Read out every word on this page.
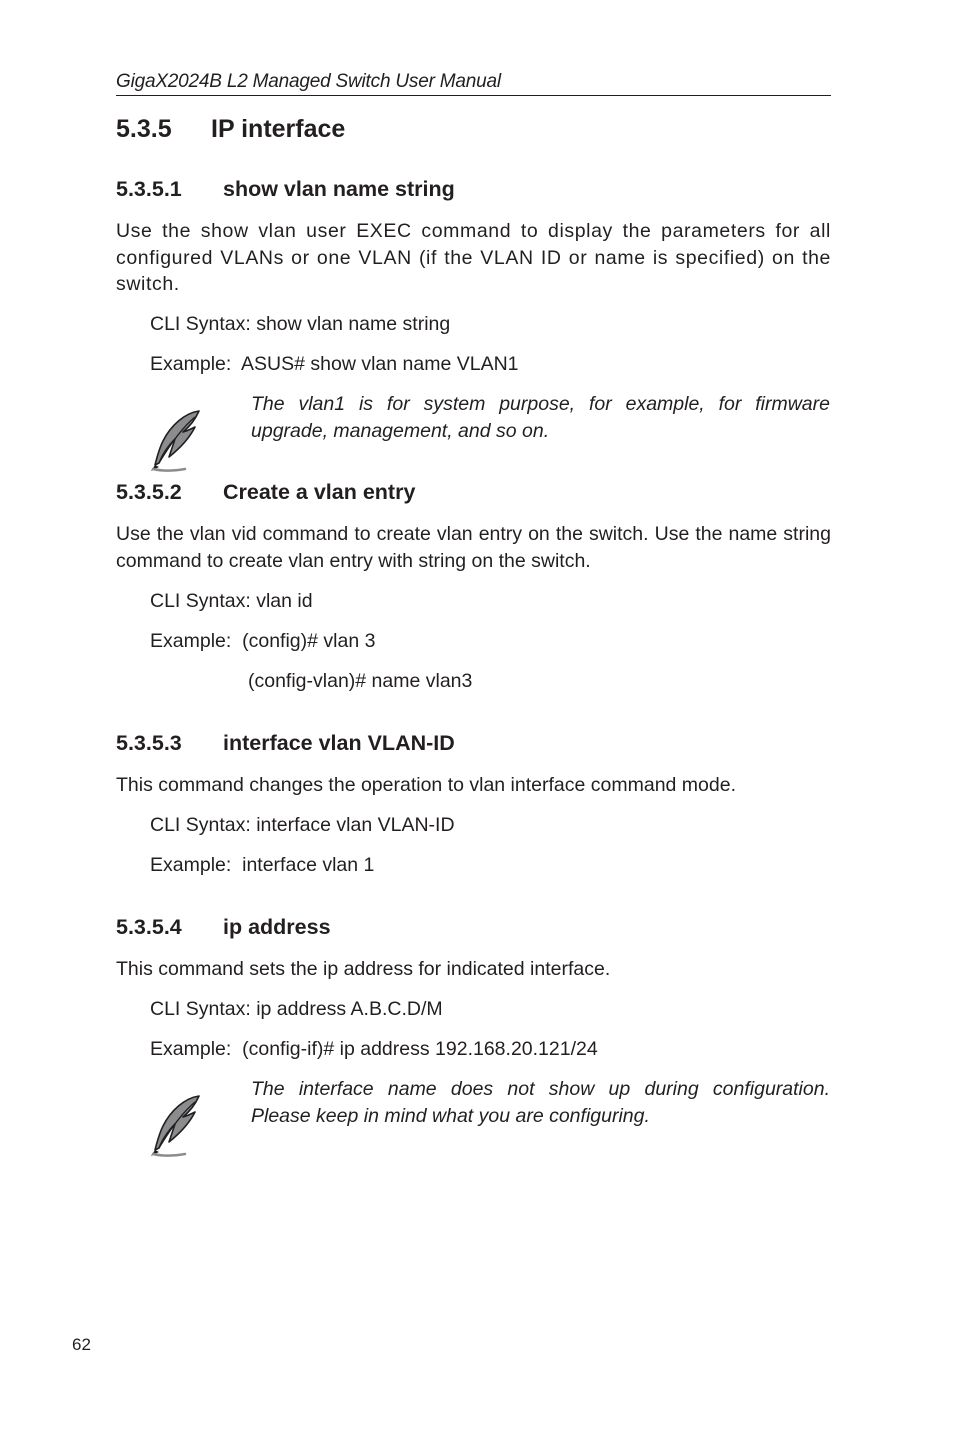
GigaX2024B L2 Managed Switch User Manual
5.3.5 IP interface
5.3.5.1 show vlan name string
Use the show vlan user EXEC command to display the parameters for all configured VLANs or one VLAN (if the VLAN ID or name is specified) on the switch.
CLI Syntax: show vlan name string
Example:  ASUS# show vlan name VLAN1
The vlan1 is for system purpose, for example, for firmware
upgrade, management, and so on.
5.3.5.2 Create a vlan entry
Use the vlan vid command to create vlan entry on the switch. Use the name string command to create vlan entry with string on the switch.
CLI Syntax: vlan id
Example:  (config)# vlan 3
(config-vlan)# name vlan3
5.3.5.3 interface vlan VLAN-ID
This command changes the operation to vlan interface command mode.
CLI Syntax: interface vlan VLAN-ID
Example:  interface vlan 1
5.3.5.4 ip address
This command sets the ip address for indicated interface.
CLI Syntax: ip address A.B.C.D/M
Example:  (config-if)# ip address 192.168.20.121/24
The interface name does not show up during configuration.
Please keep in mind what you are configuring.
62
